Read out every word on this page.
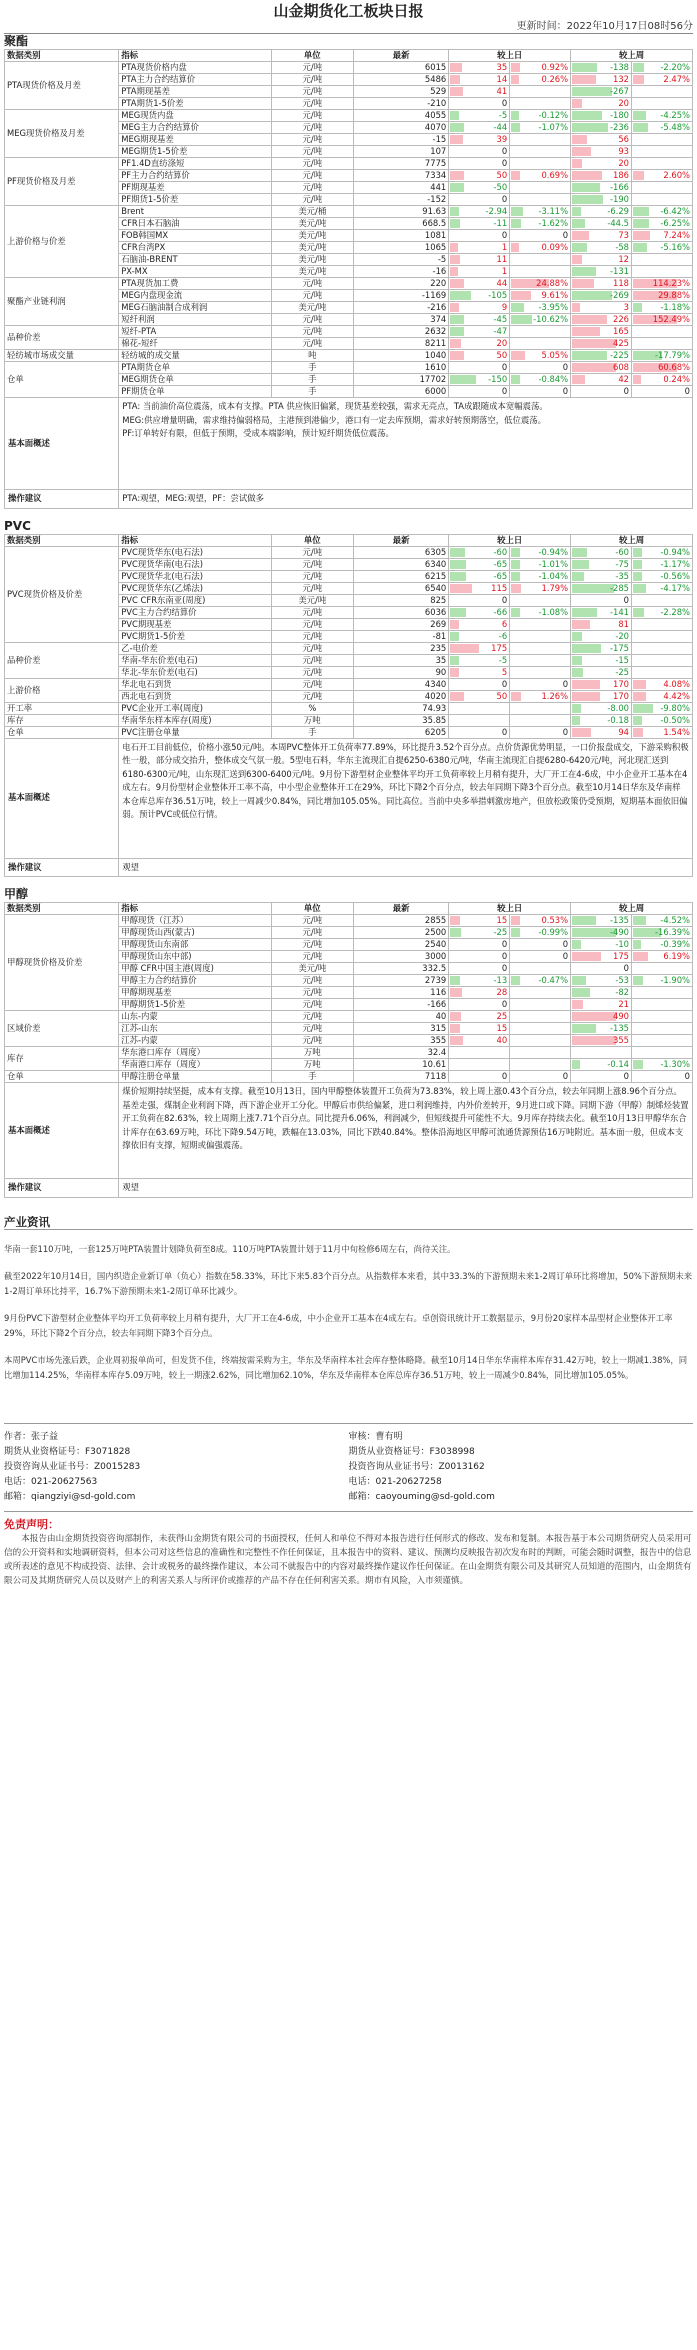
山金期货化工板块日报
更新时间：2022年10月17日08时56分
聚酯
数据类别	指标	单位	最新	较上日		较上周	
PTA现货价格及月差	PTA现货价格内盘	元/吨	6015	35	0.92%	-138	-2.20%

	PTA主力合约结算价	元/吨	5486	14	0.26%	132	2.47%

	PTA期现基差	元/吨	529	41		-267	

	PTA期货1-5价差	元/吨	-210	0		20	

MEG现货价格及月差	MEG现货内盘	元/吨	4055	-5	-0.12%	-180	-4.25%

	MEG主力合约结算价	元/吨	4070	-44	-1.07%	-236	-5.48%

	MEG期现基差	元/吨	-15	39		56	

	MEG期货1-5价差	元/吨	107	0		93	

PF现货价格及月差	PF1.4D直纺涤短	元/吨	7775	0		20	

	PF主力合约结算价	元/吨	7334	50	0.69%	186	2.60%

	PF期现基差	元/吨	441	-50		-166	

	PF期货1-5价差	元/吨	-152	0		-190	

上游价格与价差	Brent	美元/桶	91.63	-2.94	-3.11%	-6.29	-6.42%

	CFR日本石脑油	美元/吨	668.5	-11	-1.62%	-44.5	-6.25%

	FOB韩国MX	美元/吨	1081	0	0	73	7.24%

	CFR台湾PX	美元/吨	1065	1	0.09%	-58	-5.16%

	石脑油-BRENT	美元/吨	-5	11		12	

	PX-MX	美元/吨	-16	1		-131	

聚酯产业链利润	PTA现货加工费	元/吨	220	44	24.88%	118	114.23%

	MEG内盘现金流	元/吨	-1169	-105	9.61%	-269	29.88%

	MEG石脑油制合成利润	美元/吨	-216	9	-3.95%	3	-1.18%

	短纤利润	元/吨	374	-45	-10.62%	226	152.49%

品种价差	短纤-PTA	元/吨	2632	-47		165	

	棉花-短纤	元/吨	8211	20		425	

轻纺城市场成交量	轻纺城的成交量	吨	1040	50	5.05%	-225	-17.79%

仓单	PTA期货仓单	手	1610	0	0	608	60.68%

	MEG期货仓单	手	17702	-150	-0.84%	42	0.24%

	PF期货仓单	手	6000	0	0	0	0

基本面概述	PTA: 当前油价高位震荡，成本有支撑。PTA 供应恢旧偏紧，现货基差较强，需求无亮点，TA成跟随成本宽幅震荡。
MEG:供应增量明确，需求维持偏弱格局，主港预到港偏少，港口有一定去库预期，需求好转预期落空，低位震荡。
PF:订单转好有限，但低于预期，受成本端影响，预计短纤期货低位震荡。						
操作建议	PTA:观望，MEG:观望，PF：尝试做多						
PVC
数据类别	指标	单位	最新	较上日		较上周	
PVC现货价格及价差	PVC现货华东(电石法)	元/吨	6305	-60	-0.94%	-60	-0.94%

	PVC现货华南(电石法)	元/吨	6340	-65	-1.01%	-75	-1.17%

	PVC现货华北(电石法)	元/吨	6215	-65	-1.04%	-35	-0.56%

	PVC现货华东(乙烯法)	元/吨	6540	115	1.79%	-285	-4.17%

	PVC CFR东南亚(周度)	美元/吨	825	0		0	

	PVC主力合约结算价	元/吨	6036	-66	-1.08%	-141	-2.28%

	PVC期现基差	元/吨	269	6		81	

	PVC期货1-5价差	元/吨	-81	-6		-20	

品种价差	乙-电价差	元/吨	235	175		-175	

	华南-华东价差(电石)	元/吨	35	-5		-15	

	华北-华东价差(电石)	元/吨	90	5		-25	

上游价格	华北电石到货	元/吨	4340	0	0	170	4.08%

	西北电石到货	元/吨	4020	50	1.26%	170	4.42%

开工率	PVC企业开工率(周度)	%	74.93			-8.00	-9.80%

库存	华南华东样本库存(周度)	万吨	35.85			-0.18	-0.50%

仓单	PVC注册仓单量	手	6205	0	0	94	1.54%

基本面概述	电石开工目前低位，价格小涨50元/吨。本周PVC整体开工负荷率77.89%，环比提升3.52个百分点。点价货源优势明显，一口价报盘成交，下游采购积极性一般，部分成交抬升，整体成交气氛一般。5型电石料，华东主流现汇自提6250-6380元/吨，华南主流现汇自提6280-6420元/吨，河北现汇送到6180-6300元/吨，山东现汇送到6300-6400元/吨。9月份下游型材企业整体平均开工负荷率较上月稍有提升，大厂开工在4-6成，中小企业开工基本在4成左右。9月份型材企业整体开工率不高，中小型企业整体开工在29%，环比下降2个百分点，较去年同期下降3个百分点。截至10月14日华东及华南样本仓库总库存36.51万吨，较上一周减少0.84%，同比增加105.05%。同比高位。当前中央多举措刺激房地产，但放松政策仍受预期，短期基本面依旧偏弱。预计PVC或低位行情。						
操作建议	观望						
甲醇
数据类别	指标	单位	最新	较上日		较上周	
甲醇现货价格及价差	甲醇现货（江苏）	元/吨	2855	15	0.53%	-135	-4.52%

	甲醇现货山西(蒙古)	元/吨	2500	-25	-0.99%	-490	-16.39%

	甲醇现货山东南部	元/吨	2540	0	0	-10	-0.39%

	甲醇现货山东中部)	元/吨	3000	0	0	175	6.19%

	甲醇 CFR中国主港(周度)	美元/吨	332.5	0		0	

	甲醇主力合约结算价	元/吨	2739	-13	-0.47%	-53	-1.90%

	甲醇期现基差	元/吨	116	28		-82	

	甲醇期货1-5价差	元/吨	-166	0		21	

区域价差	山东-内蒙	元/吨	40	25		490	

	江苏-山东	元/吨	315	15		-135	

	江苏-内蒙	元/吨	355	40		355	

库存	华东港口库存（周度）	万吨	32.4	

	华南港口库存（周度）	万吨	10.61			-0.14	-1.30%

仓单	甲醇注册仓单量	手	7118	0	0	0	0

基本面概述	煤价短期持续坚挺，成本有支撑。截至10月13日，国内甲醇整体装置开工负荷为73.83%，较上周上涨0.43个百分点，较去年同期上涨8.96个百分点。基差走强，煤制企业利润下降，西下游企业开工分化。甲醇后市供给偏紧，进口利润维持，内外价差转开，9月进口或下降。同期下游（甲醇）制烯烃装置开工负荷在82.63%，较上周期上涨7.71个百分点。同比提升6.06%，利润减少，但短线提升可能性不大。9月库存持续去化。截至10月13日甲醇华东合计库存在63.69万吨，环比下降9.54万吨，跌幅在13.03%，同比下跌40.84%。整体沿海地区甲醇可流通货源预估16万吨附近。基本面一般，但成本支撑依旧有支撑，短期或偏强震荡。						
操作建议	观望						
产业资讯

华南一套110万吨，一套125万吨PTA装置计划降负荷至8成。110万吨PTA装置计划于11月中旬检修6周左右，尚待关注。

截至2022年10月14日，国内织造企业新订单（负心）指数在58.33%，环比下来5.83个百分点。从指数样本来看，其中33.3%的下游预期未来1-2周订单环比将增加，50%下游预期未来1-2周订单环比持平，16.7%下游预期未来1-2周订单环比减少。

9月份PVC下游型材企业整体平均开工负荷率较上月稍有提升，大厂开工在4-6成，中小企业开工基本在4成左右。卓创资讯统计开工数据显示，9月份20家样本品型材企业整体开工率29%，环比下降2个百分点，较去年同期下降3个百分点。

本周PVC市场先涨后跌，企业周初报单尚可，但发货不佳，终端按需采购为主，华东及华南样本社会库存整体略降。截至10月14日华东华南样本库存31.42万吨，较上一期减1.38%，同比增加114.25%，华南样本库存5.09万吨，较上一期涨2.62%，同比增加62.10%，华东及华南样本仓库总库存36.51万吨，较上一周减少0.84%，同比增加105.05%。

作者：张子益
期货从业资格证号：F3071828
投资咨询从业证书号：Z0015283
电话：021-20627563
邮箱：qiangziyi@sd-gold.com
审核：曹有明
期货从业资格证号：F3038998
投资咨询从业证书号：Z0013162
电话：021-20627258
邮箱：caoyouming@sd-gold.com
免责声明：
本报告由山金期货投资咨询部制作，未获得山金期货有限公司的书面授权，任何人和单位不得对本报告进行任何形式的修改、发布和复制。本报告基于本公司期货研究人员采用可信的公开资料和实地调研资料，但本公司对这些信息的准确性和完整性不作任何保证，且本报告中的资料、建议、预测均反映报告初次发布时的判断，可能会随时调整，报告中的信息或所表述的意见不构成投资、法律、会计或税务的最终操作建议，本公司不就报告中的内容对最终操作建议作任何保证。在山金期货有限公司及其研究人员知道的范围内，山金期货有限公司及其期货研究人员以及财产上的利害关系人与所评价或推荐的产品不存在任何利害关系。期市有风险，入市须谨慎。
